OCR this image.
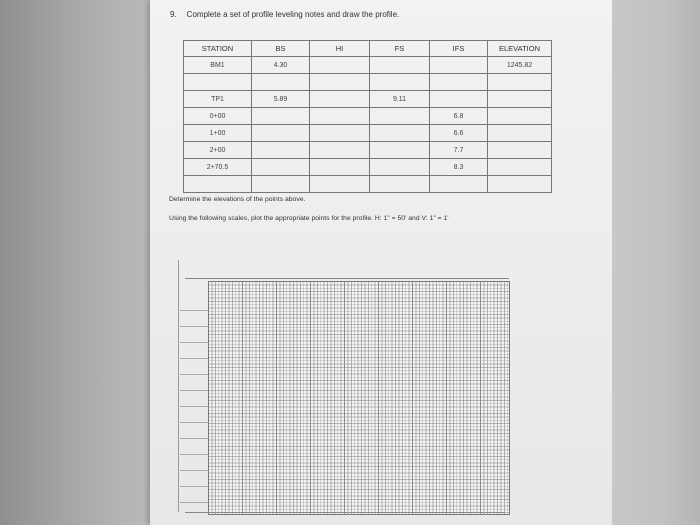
9. Complete a set of profile leveling notes and draw the profile.
STATION	BS	HI	FS	IFS	ELEVATION
BM1	4.30				1245.82

TP1	5.89		9.11		
0+00				6.8	
1+00				6.6	
2+00				7.7	
2+70.5				8.3	

Determine the elevations of the points above.
Using the following scales, plot the appropriate points for the profile. H: 1" = 50' and V: 1" = 1'
